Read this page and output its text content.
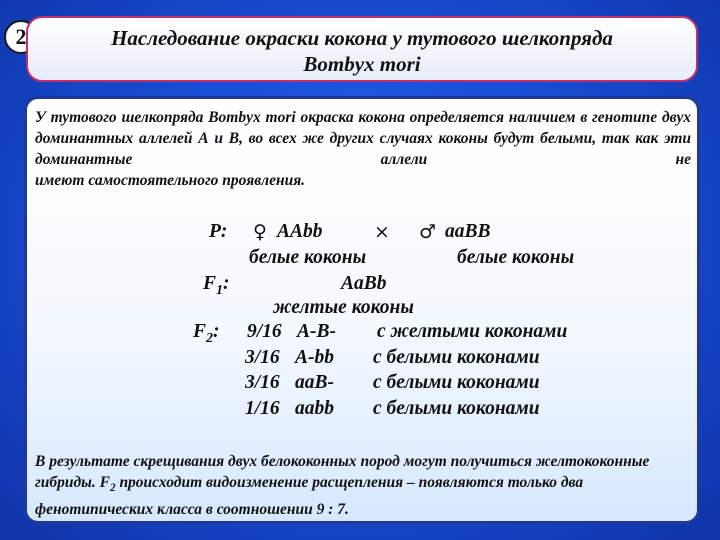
2	Наследование окраски кокона у тутового шелкопряда
Bombyx mori
У тутового шелкопряда Bombyx mori окраска кокона определяется наличием в генотипе двух доминантных аллелей А и В, во всех же других случаях коконы будут белыми, так как эти доминантные аллели не
имеют самостоятельного проявления.
P: ♀ AAbb	× ♂ aaBB
белые коконы	белые коконы
$F_1$:	AaBb
желтые коконы
$F_2$: 9/16 A-B- с желтыми коконами
3/16 A-bb с белыми коконами
3/16 aaB- с белыми коконами
1/16 aabb с белыми коконами
В результате скрещивания двух белококонных пород могут получиться желтококонные гибриды. $F_2$ происходит видоизменение расщепления – появляются только два фенотипических класса в соотношении 9 : 7.
